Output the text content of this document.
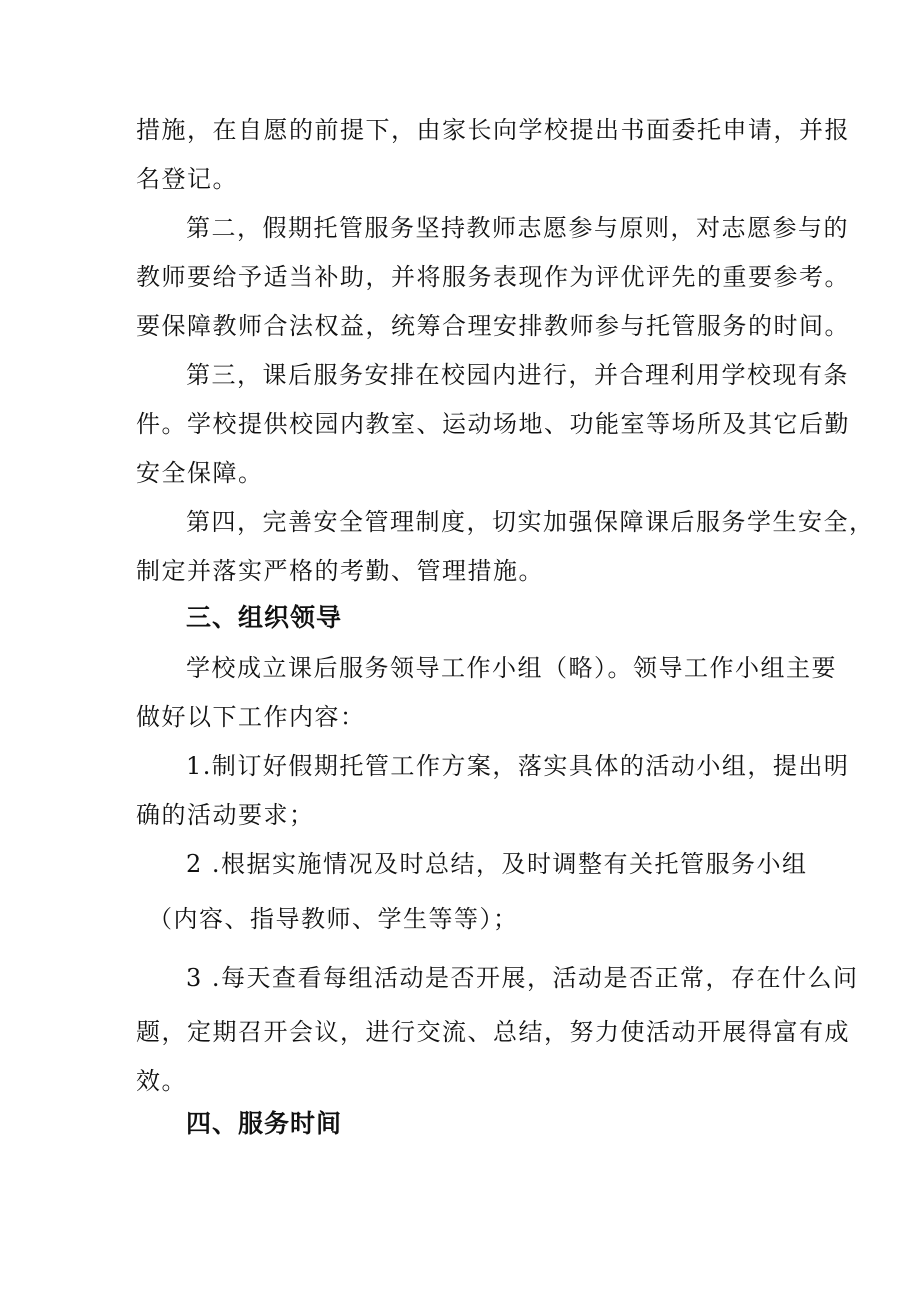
措施，在自愿的前提下，由家长向学校提出书面委托申请，并报
名登记。
第二，假期托管服务坚持教师志愿参与原则，对志愿参与的
教师要给予适当补助，并将服务表现作为评优评先的重要参考。
要保障教师合法权益，统筹合理安排教师参与托管服务的时间。
第三，课后服务安排在校园内进行，并合理利用学校现有条
件。学校提供校园内教室、运动场地、功能室等场所及其它后勤
安全保障。
第四，完善安全管理制度，切实加强保障课后服务学生安全，
制定并落实严格的考勤、管理措施。
三、组织领导
学校成立课后服务领导工作小组（略）。领导工作小组主要
做好以下工作内容：
1.制订好假期托管工作方案，落实具体的活动小组，提出明
确的活动要求；
2 .根据实施情况及时总结，及时调整有关托管服务小组
（内容、指导教师、学生等等）；
3 .每天查看每组活动是否开展，活动是否正常，存在什么问
题，定期召开会议，进行交流、总结，努力使活动开展得富有成
效。
四、服务时间
